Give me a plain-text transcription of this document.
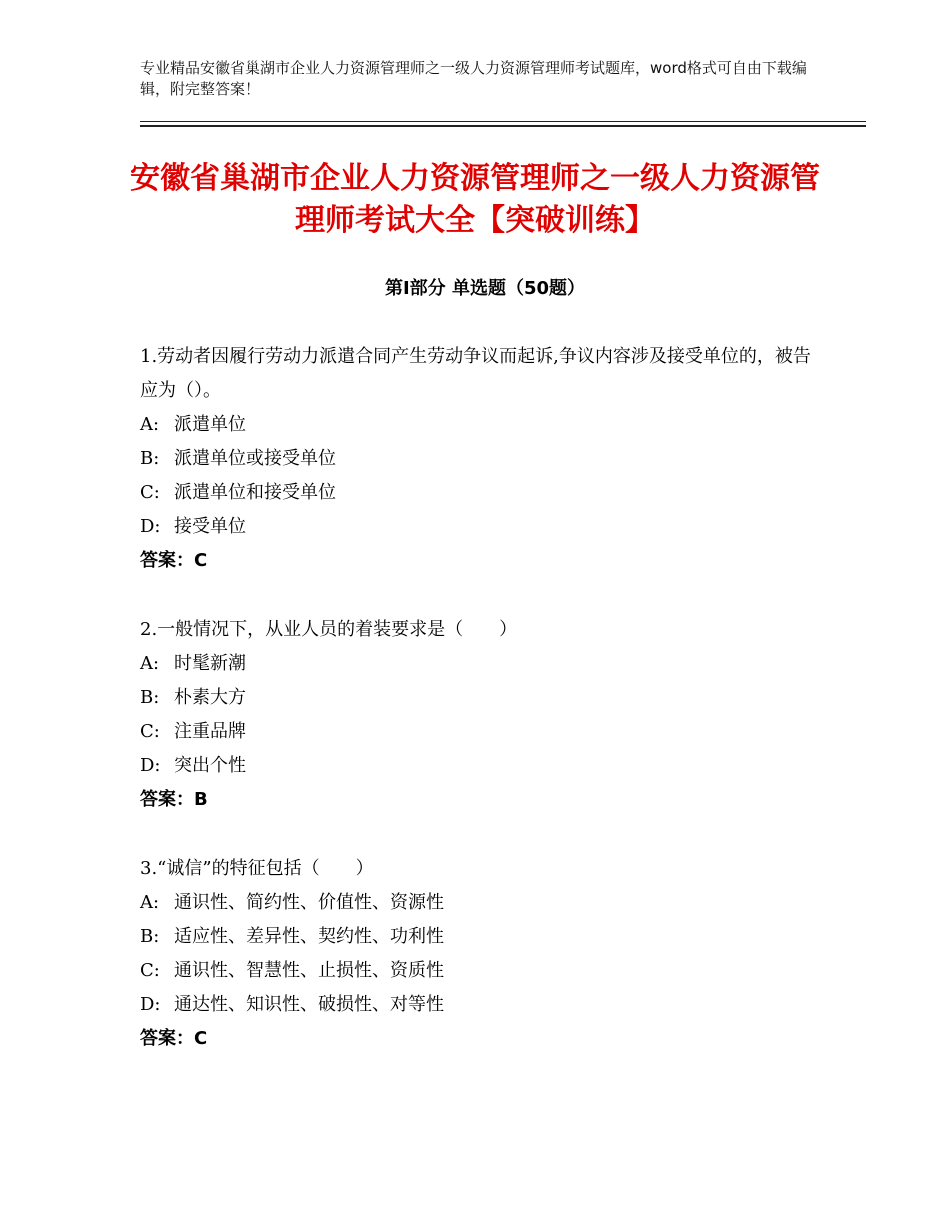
专业精品安徽省巢湖市企业人力资源管理师之一级人力资源管理师考试题库，word格式可自由下载编辑，附完整答案！

安徽省巢湖市企业人力资源管理师之一级人力资源管理师考试大全【突破训练】
第Ⅰ部分 单选题（50题）

1.劳动者因履行劳动力派遣合同产生劳动争议而起诉,争议内容涉及接受单位的，被告应为（）。

A: 派遣单位

B: 派遣单位或接受单位

C: 派遣单位和接受单位

D: 接受单位

答案：C

2.一般情况下，从业人员的着装要求是（　　）

A: 时髦新潮

B: 朴素大方

C: 注重品牌

D: 突出个性

答案：B

3.“诚信”的特征包括（　　）

A: 通识性、简约性、价值性、资源性

B: 适应性、差异性、契约性、功利性

C: 通识性、智慧性、止损性、资质性

D: 通达性、知识性、破损性、对等性

答案：C
